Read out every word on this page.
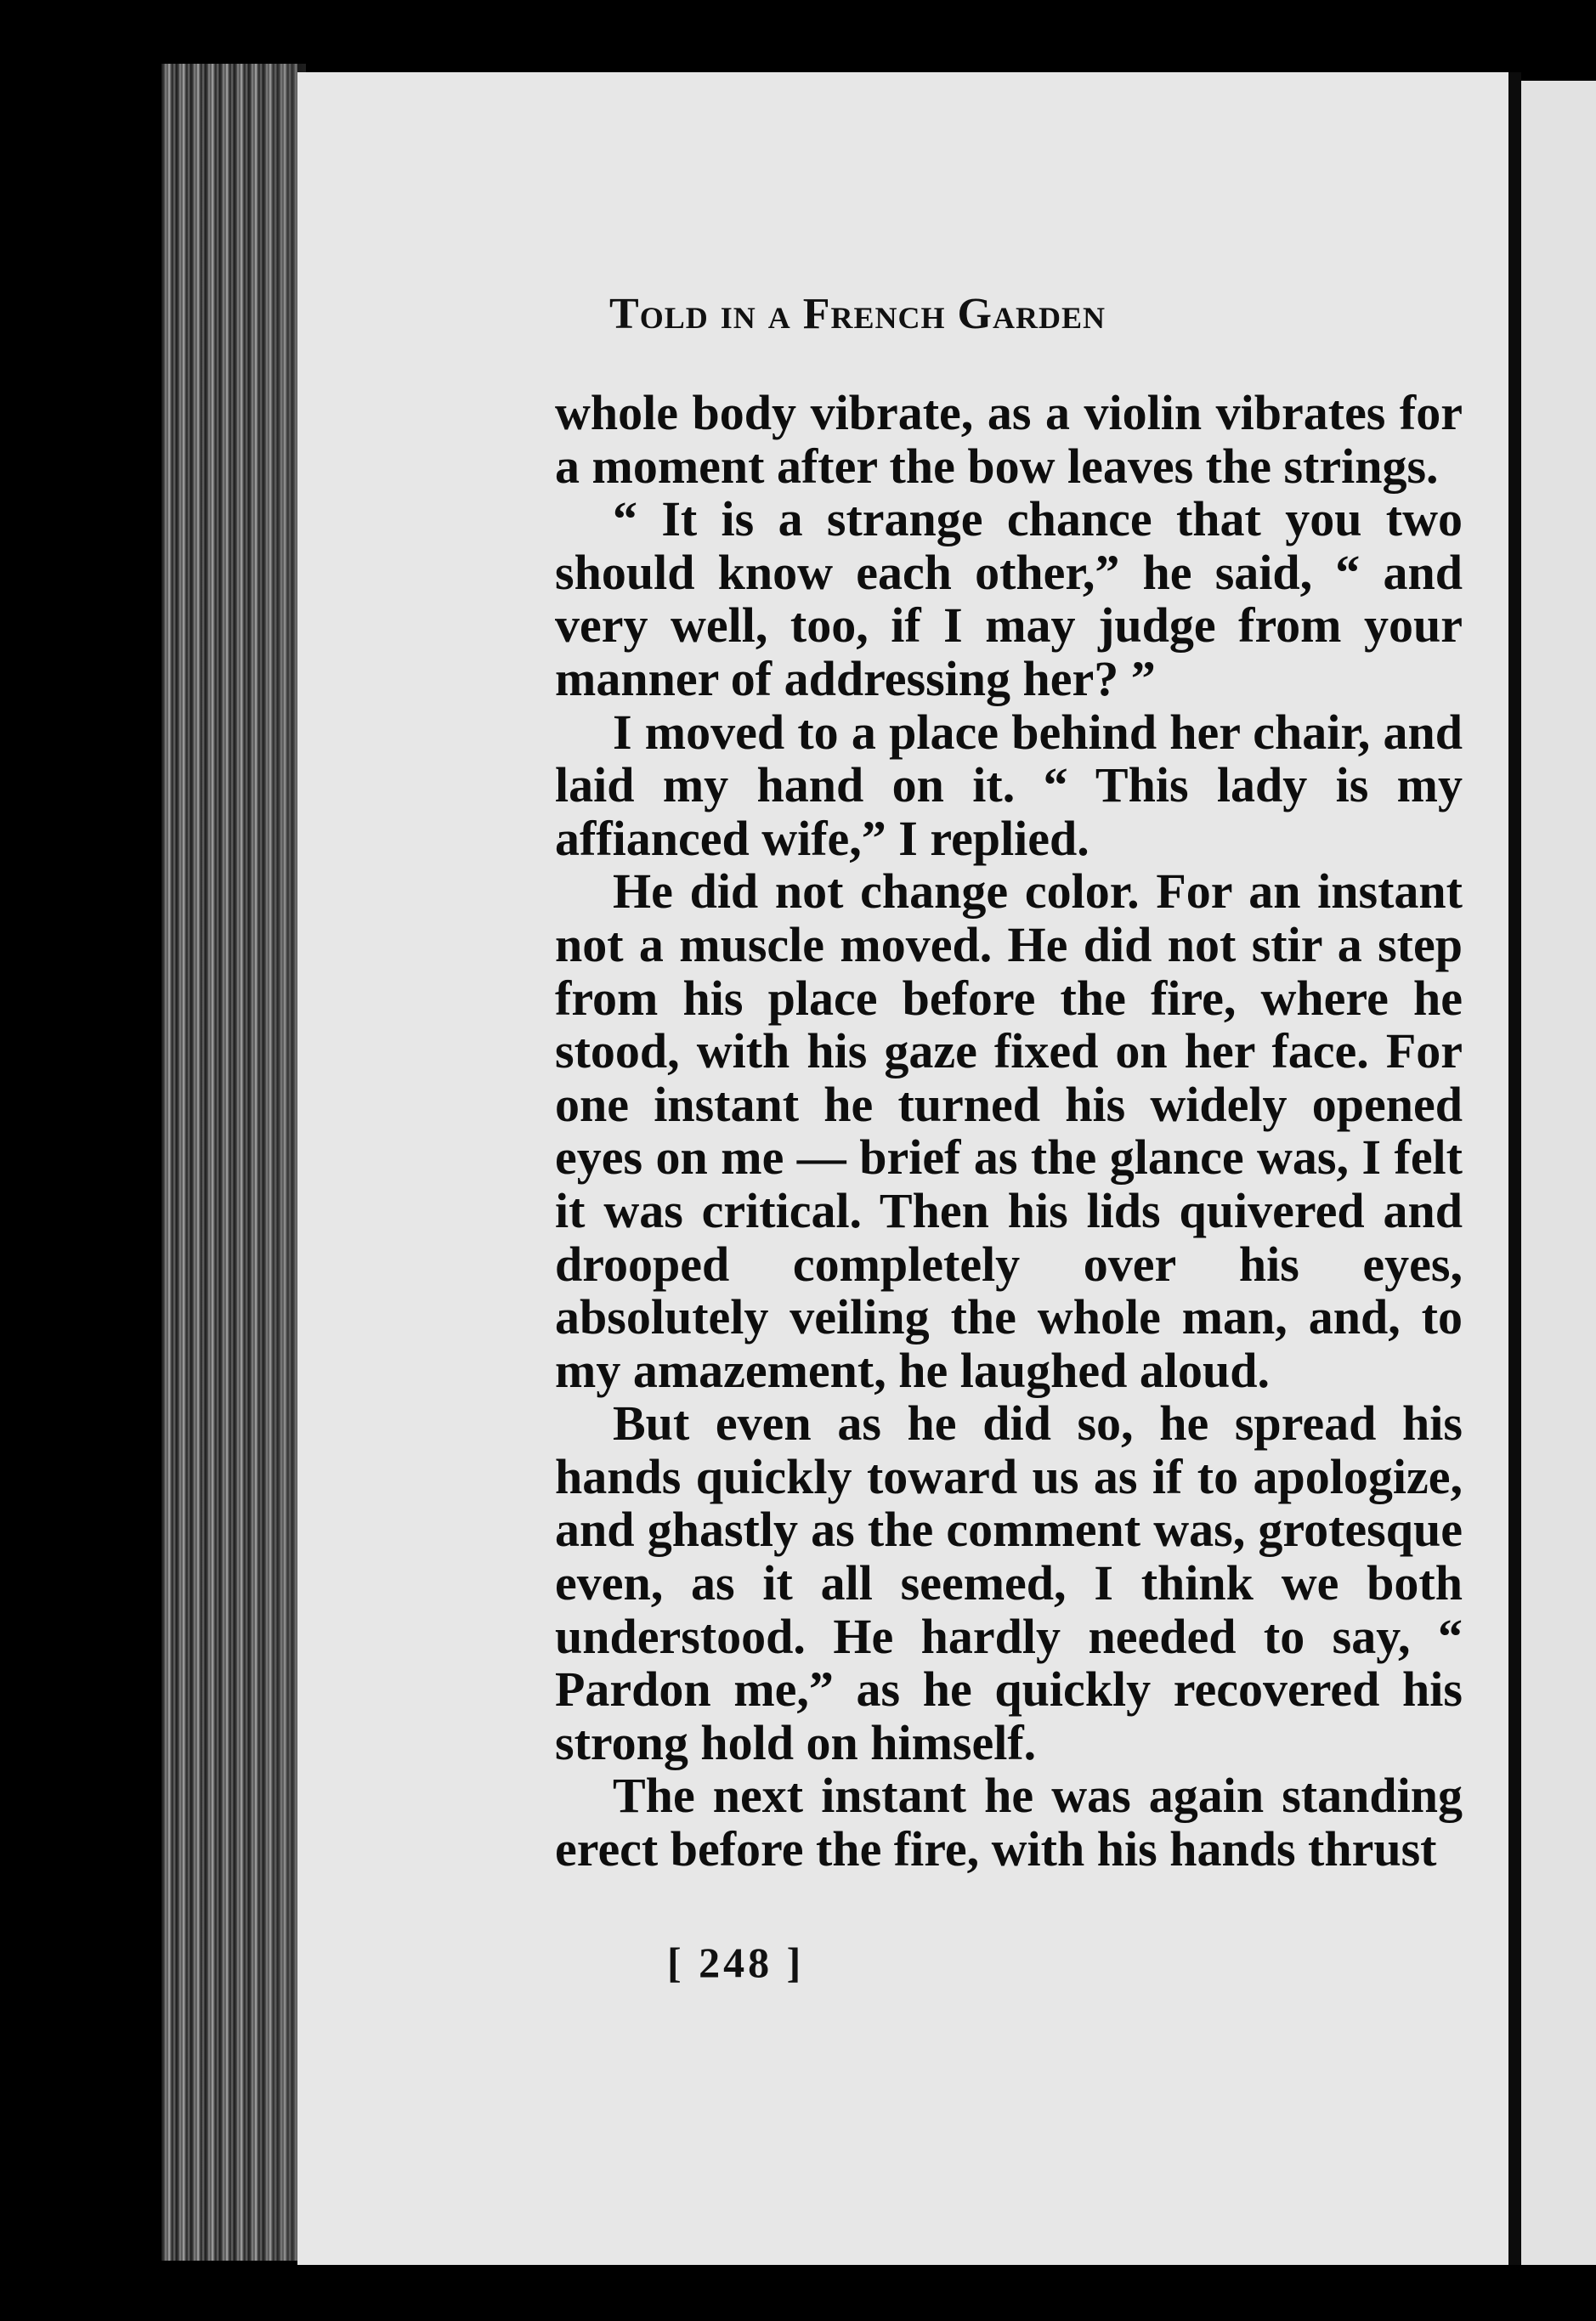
Told in a French Garden

whole body vibrate, as a violin vibrates for a moment after the bow leaves the strings.

“ It is a strange chance that you two should know each other,” he said, “ and very well, too, if I may judge from your manner of addressing her? ”

I moved to a place behind her chair, and laid my hand on it. “ This lady is my affianced wife,” I replied.

He did not change color. For an instant not a muscle moved. He did not stir a step from his place before the fire, where he stood, with his gaze fixed on her face. For one instant he turned his widely opened eyes on me — brief as the glance was, I felt it was critical. Then his lids quivered and drooped completely over his eyes, absolutely veiling the whole man, and, to my amazement, he laughed aloud.

But even as he did so, he spread his hands quickly toward us as if to apologize, and ghastly as the comment was, grotesque even, as it all seemed, I think we both understood. He hardly needed to say, “ Pardon me,” as he quickly recovered his strong hold on himself.

The next instant he was again standing erect before the fire, with his hands thrust

[ 248 ]
